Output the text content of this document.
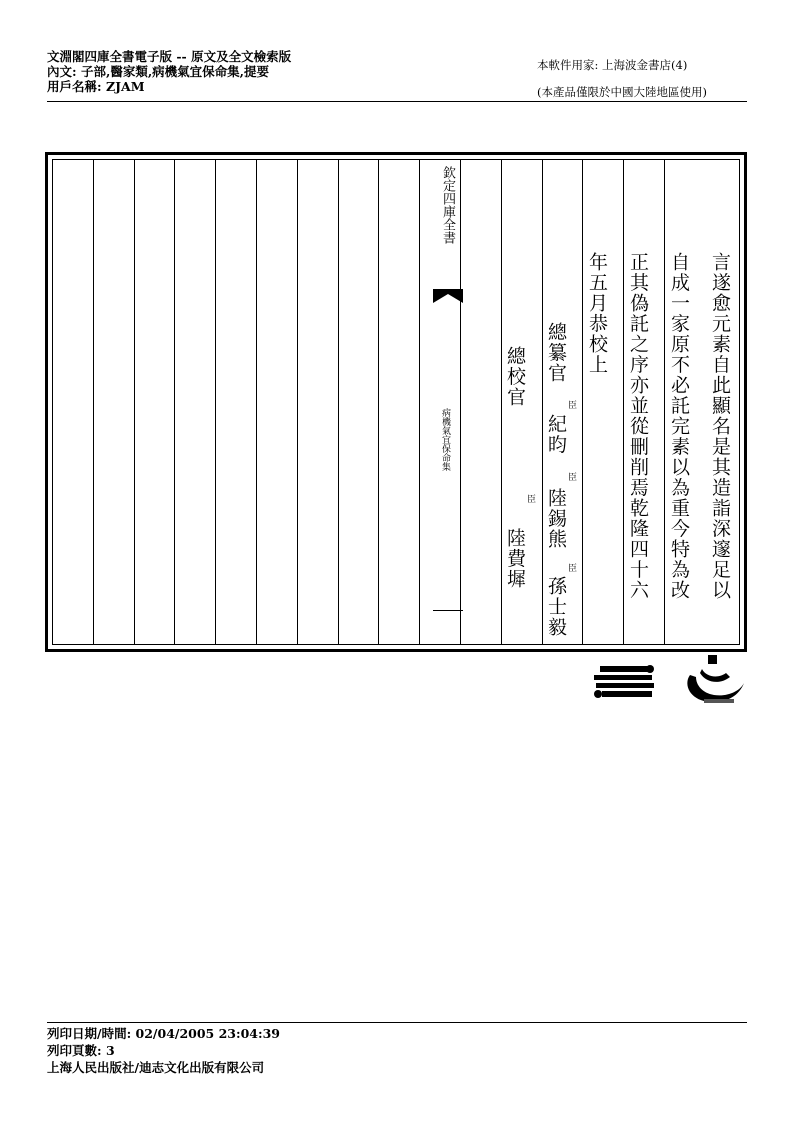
文淵閣四庫全書電子版 -- 原文及全文檢索版
內文: 子部,醫家類,病機氣宜保命集,提要
用戶名稱: ZJAM
本軟件用家: 上海波金書店(4)
(本產品僅限於中國大陸地區使用)
欽定四庫全書
病機氣宜保命集	言遂愈元素自此顯名是其造詣深邃足以
自成一家原不必託完素以為重今特為改
正其偽託之序亦並從刪削焉乾隆四十六
年五月恭校上
總纂官
臣
紀昀
臣
陸錫熊
臣
孫士毅
總校官
臣
陸費墀
列印日期/時間: 02/04/2005 23:04:39
列印頁數: 3
上海人民出版社/迪志文化出版有限公司
